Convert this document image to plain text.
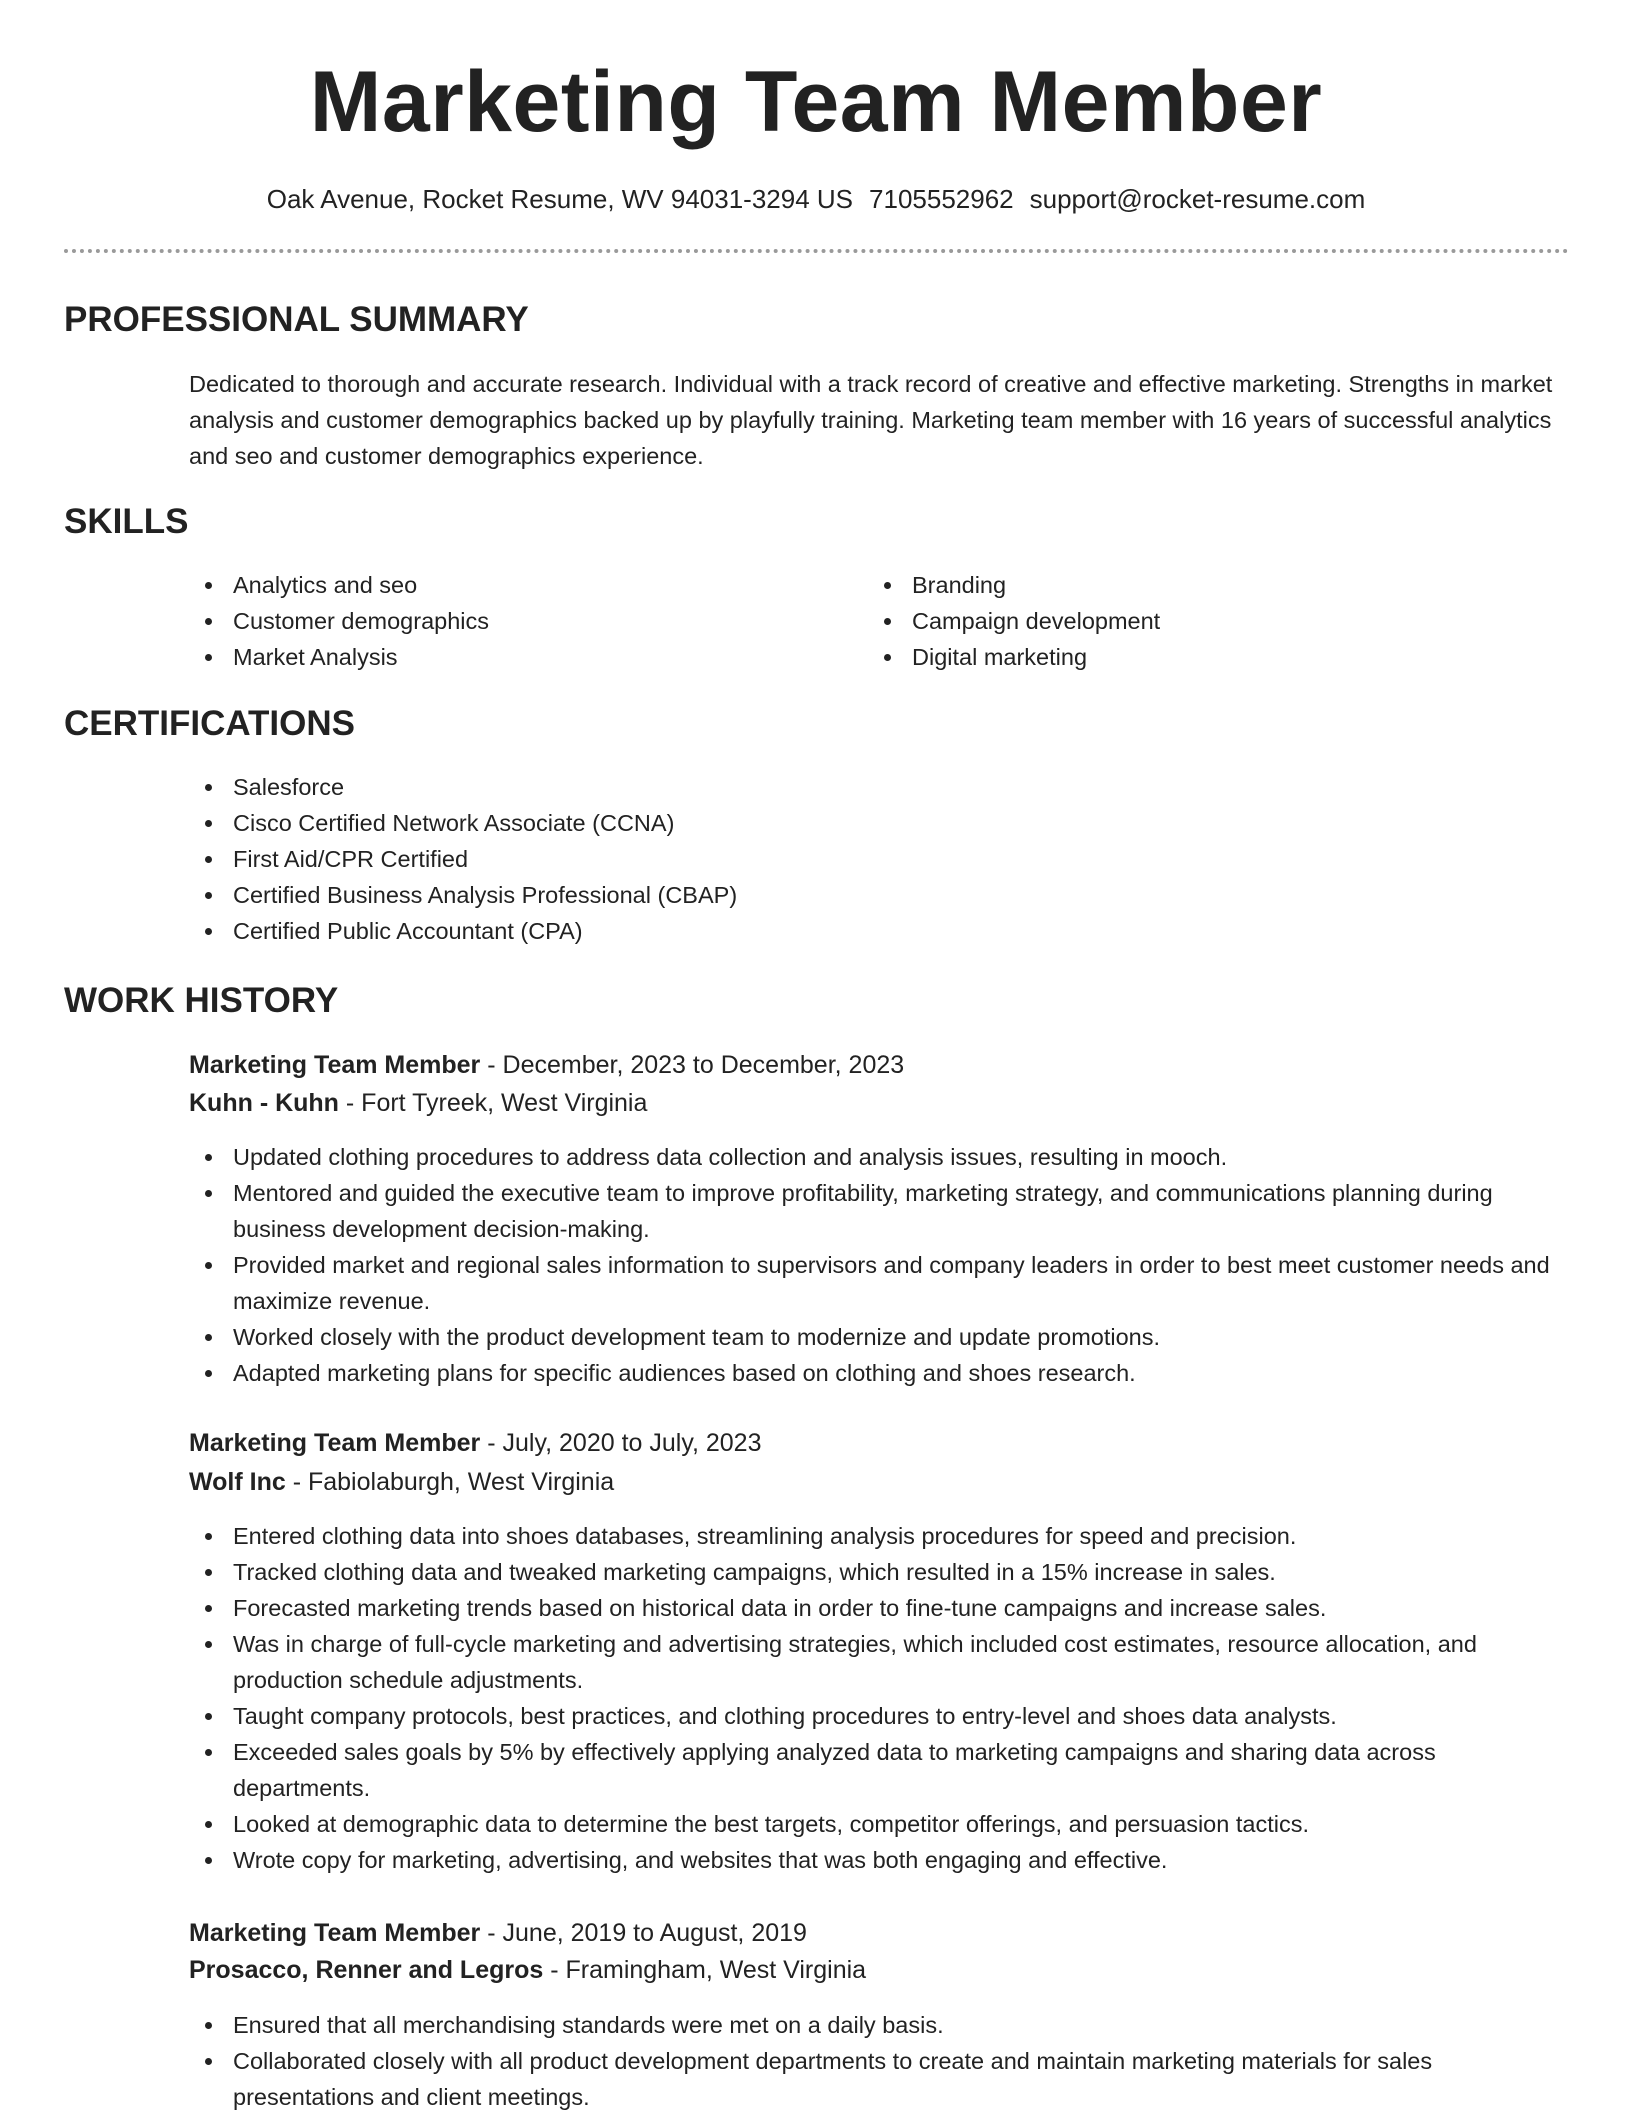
Marketing Team Member
Oak Avenue, Rocket Resume, WV 94031-3294 US 7105552962 support@rocket-resume.com
PROFESSIONAL SUMMARY
Dedicated to thorough and accurate research. Individual with a track record of creative and effective marketing. Strengths in market analysis and customer demographics backed up by playfully training. Marketing team member with 16 years of successful analytics and seo and customer demographics experience.
SKILLS
Analytics and seo
Customer demographics
Market Analysis
Branding
Campaign development
Digital marketing
CERTIFICATIONS
Salesforce
Cisco Certified Network Associate (CCNA)
First Aid/CPR Certified
Certified Business Analysis Professional (CBAP)
Certified Public Accountant (CPA)
WORK HISTORY
Marketing Team Member - December, 2023 to December, 2023
Kuhn - Kuhn - Fort Tyreek, West Virginia
Updated clothing procedures to address data collection and analysis issues, resulting in mooch.
Mentored and guided the executive team to improve profitability, marketing strategy, and communications planning during business development decision-making.
Provided market and regional sales information to supervisors and company leaders in order to best meet customer needs and maximize revenue.
Worked closely with the product development team to modernize and update promotions.
Adapted marketing plans for specific audiences based on clothing and shoes research.
Marketing Team Member - July, 2020 to July, 2023
Wolf Inc - Fabiolaburgh, West Virginia
Entered clothing data into shoes databases, streamlining analysis procedures for speed and precision.
Tracked clothing data and tweaked marketing campaigns, which resulted in a 15% increase in sales.
Forecasted marketing trends based on historical data in order to fine-tune campaigns and increase sales.
Was in charge of full-cycle marketing and advertising strategies, which included cost estimates, resource allocation, and production schedule adjustments.
Taught company protocols, best practices, and clothing procedures to entry-level and shoes data analysts.
Exceeded sales goals by 5% by effectively applying analyzed data to marketing campaigns and sharing data across departments.
Looked at demographic data to determine the best targets, competitor offerings, and persuasion tactics.
Wrote copy for marketing, advertising, and websites that was both engaging and effective.
Marketing Team Member - June, 2019 to August, 2019
Prosacco, Renner and Legros - Framingham, West Virginia
Ensured that all merchandising standards were met on a daily basis.
Collaborated closely with all product development departments to create and maintain marketing materials for sales presentations and client meetings.
